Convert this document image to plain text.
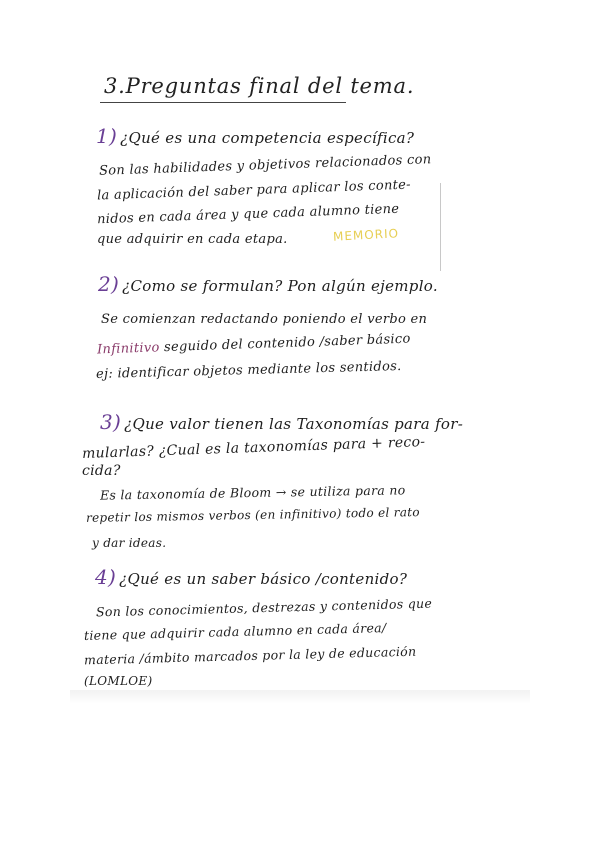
3.Preguntas final del tema.
1) ¿Qué es una competencia específica?
Son las habilidades y objetivos relacionados con
la aplicación del saber para aplicar los conte-
nidos en cada área y que cada alumno tiene
que adquirir en cada etapa.	MEMORIO
2) ¿Como se formulan? Pon algún ejemplo.
Se comienzan redactando poniendo el verbo en
Infinitivo seguido del contenido /saber básico
ej: identificar objetos mediante los sentidos.
3) ¿Que valor tienen las Taxonomías para for-
mularlas? ¿Cual es la taxonomías para + reco-
cida?
Es la taxonomía de Bloom → se utiliza para no
repetir los mismos verbos (en infinitivo) todo el rato
y dar ideas.
4) ¿Qué es un saber básico /contenido?
Son los conocimientos, destrezas y contenidos que
tiene que adquirir cada alumno en cada área/
materia /ámbito marcados por la ley de educación
(LOMLOE)
